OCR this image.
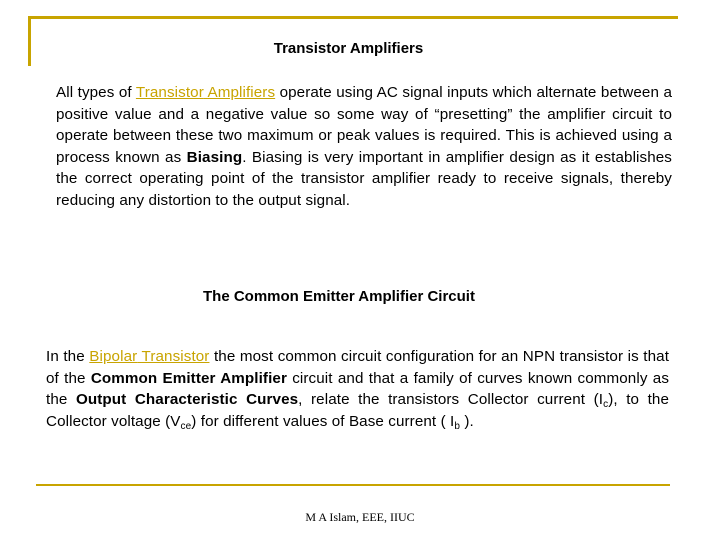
Transistor Amplifiers
All types of Transistor Amplifiers operate using AC signal inputs which alternate between a positive value and a negative value so some way of “presetting” the amplifier circuit to operate between these two maximum or peak values is required. This is achieved using a process known as Biasing. Biasing is very important in amplifier design as it establishes the correct operating point of the transistor amplifier ready to receive signals, thereby reducing any distortion to the output signal.
The Common Emitter Amplifier Circuit
In the Bipolar Transistor the most common circuit configuration for an NPN transistor is that of the Common Emitter Amplifier circuit and that a family of curves known commonly as the Output Characteristic Curves, relate the transistors Collector current $(I_c)$, to the Collector voltage $(V_{ce})$ for different values of Base current ( $I_b$ ).
M A Islam, EEE, IIUC
